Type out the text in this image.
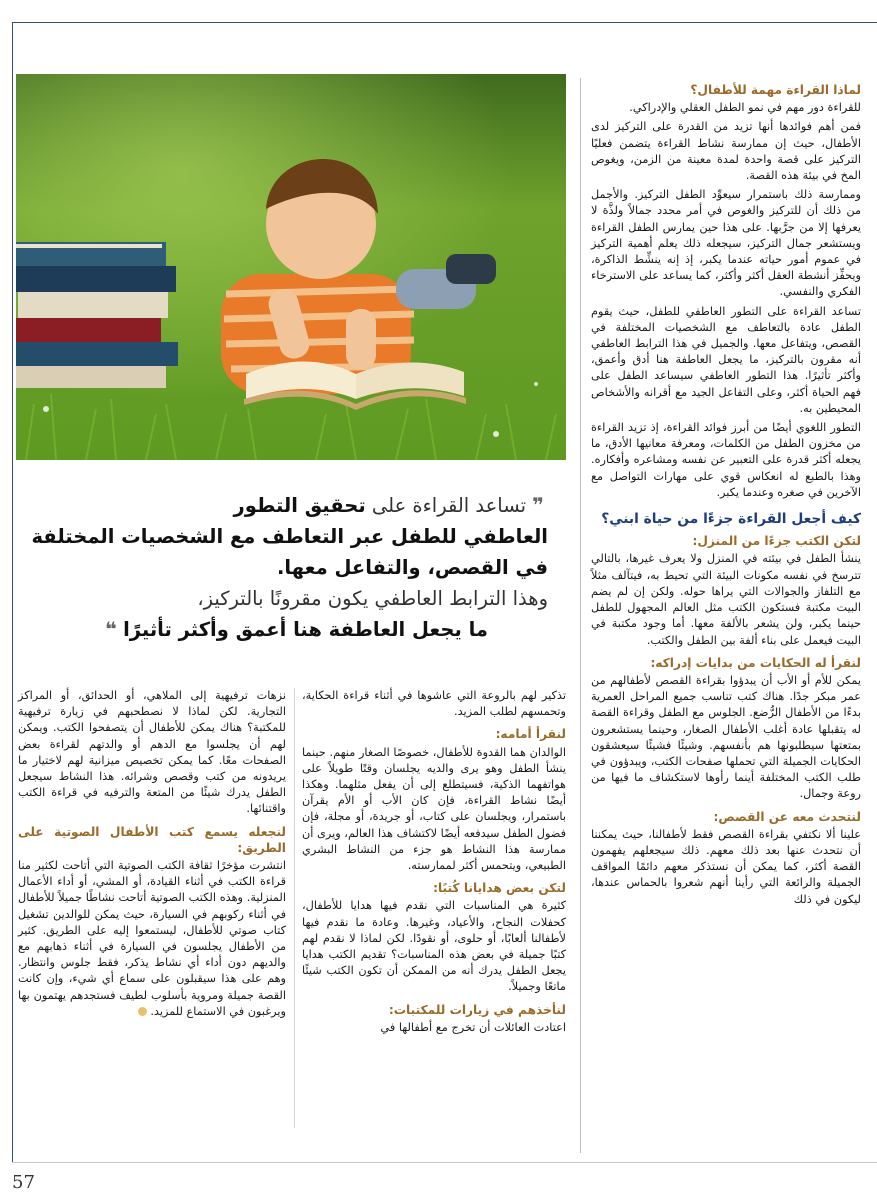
❞ تساعد القراءة على تحقيق التطور
العاطفي للطفل عبر التعاطف مع الشخصيات المختلفة
في القصص، والتفاعل معها.
وهذا الترابط العاطفي يكون مقرونًا بالتركيز،
ما يجعل العاطفة هنا أعمق وأكثر تأثيرًا ❝
لماذا القراءة مهمة للأطفال؟

للقراءة دور مهم في نمو الطفل العقلي والإدراكي.

فمن أهم فوائدها أنها تزيد من القدرة على التركيز لدى الأطفال، حيث إن ممارسة نشاط القراءة يتضمن فعليًا التركيز على قصة واحدة لمدة معينة من الزمن، ويغوص المخ في بيئة هذه القصة.

وممارسة ذلك باستمرار سيعوِّد الطفل التركيز. والأجمل من ذلك أن للتركيز والغوص في أمر محدد جمالاً ولذَّة لا يعرفها إلا من جرَّبها. على هذا حين يمارس الطفل القراءة ويستشعر جمال التركيز، سيجعله ذلك يعلم أهمية التركيز في عموم أمور حياته عندما يكبر، إذ إنه ينشِّط الذاكرة، ويحفِّز أنشطة العقل أكثر وأكثر، كما يساعد على الاسترخاء الفكري والنفسي.

تساعد القراءة على التطور العاطفي للطفل، حيث يقوم الطفل عادة بالتعاطف مع الشخصيات المختلفة في القصص، ويتفاعل معها. والجميل في هذا الترابط العاطفي أنه مقرون بالتركيز، ما يجعل العاطفة هنا أدق وأعمق، وأكثر تأثيرًا. هذا التطور العاطفي سيساعد الطفل على فهم الحياة أكثر، وعلى التفاعل الجيد مع أقرانه والأشخاص المحيطين به.

التطور اللغوي أيضًا من أبرز فوائد القراءة، إذ تزيد القراءة من مخزون الطفل من الكلمات، ومعرفة معانيها الأدق، ما يجعله أكثر قدرة على التعبير عن نفسه ومشاعره وأفكاره. وهذا بالطبع له انعكاس قوي على مهارات التواصل مع الآخرين في صغره وعندما يكبر.

كيف أجعل القراءة جزءًا من حياة ابني؟
لتكن الكتب جزءًا من المنزل:

ينشأ الطفل في بيئته في المنزل ولا يعرف غيرها، بالتالي تترسخ في نفسه مكونات البيئة التي تحيط به، فيتآلف مثلاً مع التلفاز والجوالات التي يراها حوله. ولكن إن لم يضم البيت مكتبة فستكون الكتب مثل العالم المجهول للطفل حينما يكبر، ولن يشعر بالألفة معها. أما وجود مكتبة في البيت فيعمل على بناء ألفة بين الطفل والكتب.

لنقرأ له الحكايات من بدايات إدراكه:

يمكن للأم أو الأب أن يبدؤوا بقراءة القصص لأطفالهم من عمر مبكر جدًا. هناك كتب تناسب جميع المراحل العمرية بدءًا من الأطفال الرُّضع. الجلوس مع الطفل وقراءة القصة له يتقبلها عادة أغلب الأطفال الصغار، وحينما يستشعرون بمتعتها سيطلبونها هم بأنفسهم. وشيئًا فشيئًا سيعشقون الحكايات الجميلة التي تحملها صفحات الكتب، ويبدؤون في طلب الكتب المختلفة أينما رأوها لاستكشاف ما فيها من روعة وجمال.

لنتحدث معه عن القصص:

علينا ألا نكتفي بقراءة القصص فقط لأطفالنا، حيث يمكننا أن نتحدث عنها بعد ذلك معهم. ذلك سيجعلهم يفهمون القصة أكثر، كما يمكن أن نستذكر معهم دائمًا المواقف الجميلة والرائعة التي رأينا أنهم شعروا بالحماس عندها، ليكون في ذلك

تذكير لهم بالروعة التي عاشوها في أثناء قراءة الحكاية، وتحمسهم لطلب المزيد.

لنقرأ أمامه:

الوالدان هما القدوة للأطفال، خصوصًا الصغار منهم. حينما ينشأ الطفل وهو يرى والديه يجلسان وقتًا طويلاً على هواتفهما الذكية، فسيتطلع إلى أن يفعل مثلهما. وهكذا أيضًا نشاط القراءة، فإن كان الأب أو الأم يقرآن باستمرار، ويجلسان على كتاب، أو جريدة، أو مجلة، فإن فضول الطفل سيدفعه أيضًا لاكتشاف هذا العالم، ويرى أن ممارسة هذا النشاط هو جزء من النشاط البشري الطبيعي، ويتحمس أكثر لممارسته.

لتكن بعض هدايانا كُتبًا:

كثيرة هي المناسبات التي نقدم فيها هدايا للأطفال، كحفلات النجاح، والأعياد، وغيرها. وعادة ما نقدم فيها لأطفالنا ألعابًا، أو حلوى، أو نقودًا. لكن لماذا لا نقدم لهم كتبًا جميلة في بعض هذه المناسبات؟ تقديم الكتب هدايا يجعل الطفل يدرك أنه من الممكن أن تكون الكتب شيئًا ماتعًا وجميلاً.

لنأخذهم في زيارات للمكتبات:

اعتادت العائلات أن تخرج مع أطفالها في

نزهات ترفيهية إلى الملاهي، أو الحدائق، أو المراكز التجارية. لكن لماذا لا نصطحبهم في زيارة ترفيهية للمكتبة؟ هناك يمكن للأطفال أن يتصفحوا الكتب. ويمكن لهم أن يجلسوا مع الدهم أو والدتهم لقراءة بعض الصفحات معًا. كما يمكن تخصيص ميزانية لهم لاختيار ما يريدونه من كتب وقصص وشرائه. هذا النشاط سيجعل الطفل يدرك شيئًا من المتعة والترفيه في قراءة الكتب واقتنائها.

لنجعله يسمع كتب الأطفال الصوتية على الطريق:

انتشرت مؤخرًا ثقافة الكتب الصوتية التي أتاحت لكثير منا قراءة الكتب في أثناء القيادة، أو المشي، أو أداء الأعمال المنزلية. وهذه الكتب الصوتية أتاحت نشاطًا جميلاً للأطفال في أثناء ركوبهم في السيارة، حيث يمكن للوالدين تشغيل كتاب صوتي للأطفال، ليستمعوا إليه على الطريق. كثير من الأطفال يجلسون في السيارة في أثناء ذهابهم مع والديهم دون أداء أي نشاط يذكر، فقط جلوس وانتظار. وهم على هذا سيقبلون على سماع أي شيء، وإن كانت القصة جميلة ومروية بأسلوب لطيف فستجدهم يهتمون بها ويرغبون في الاستماع للمزيد.

57
